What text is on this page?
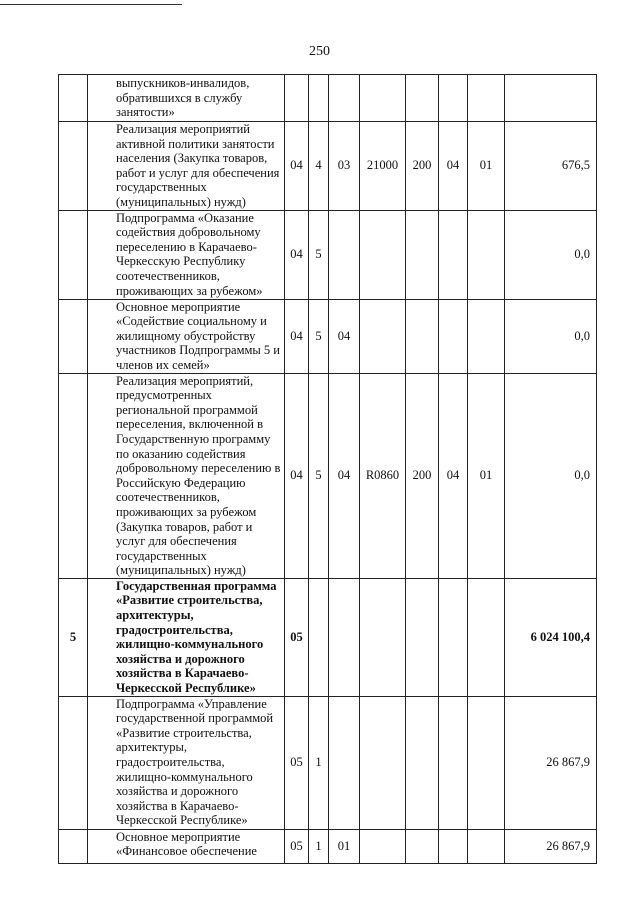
250
	выпускников-инвалидов, обратившихся в службу занятости»								
	Реализация мероприятий активной политики занятости населения (Закупка товаров, работ и услуг для обеспечения государственных (муниципальных) нужд)	04	4	03	21000	200	04	01	676,5
	Подпрограмма «Оказание содействия добровольному переселению в Карачаево-Черкесскую Республику соотечественников, проживающих за рубежом»	04	5						0,0
	Основное мероприятие «Содействие социальному и жилищному обустройству участников Подпрограммы 5 и членов их семей»	04	5	04					0,0
	Реализация мероприятий, предусмотренных региональной программой переселения, включенной в Государственную программу по оказанию содействия добровольному переселению в Российскую Федерацию соотечественников, проживающих за рубежом (Закупка товаров, работ и услуг для обеспечения государственных (муниципальных) нужд)	04	5	04	R0860	200	04	01	0,0
5	Государственная программа «Развитие строительства, архитектуры, градостроительства, жилищно-коммунального хозяйства и дорожного хозяйства в Карачаево-Черкесской Республике»	05							6 024 100,4
	Подпрограмма «Управление государственной программой «Развитие строительства, архитектуры, градостроительства, жилищно-коммунального хозяйства и дорожного хозяйства в Карачаево-Черкесской Республике»	05	1						26 867,9
	Основное мероприятие «Финансовое обеспечение	05	1	01					26 867,9
